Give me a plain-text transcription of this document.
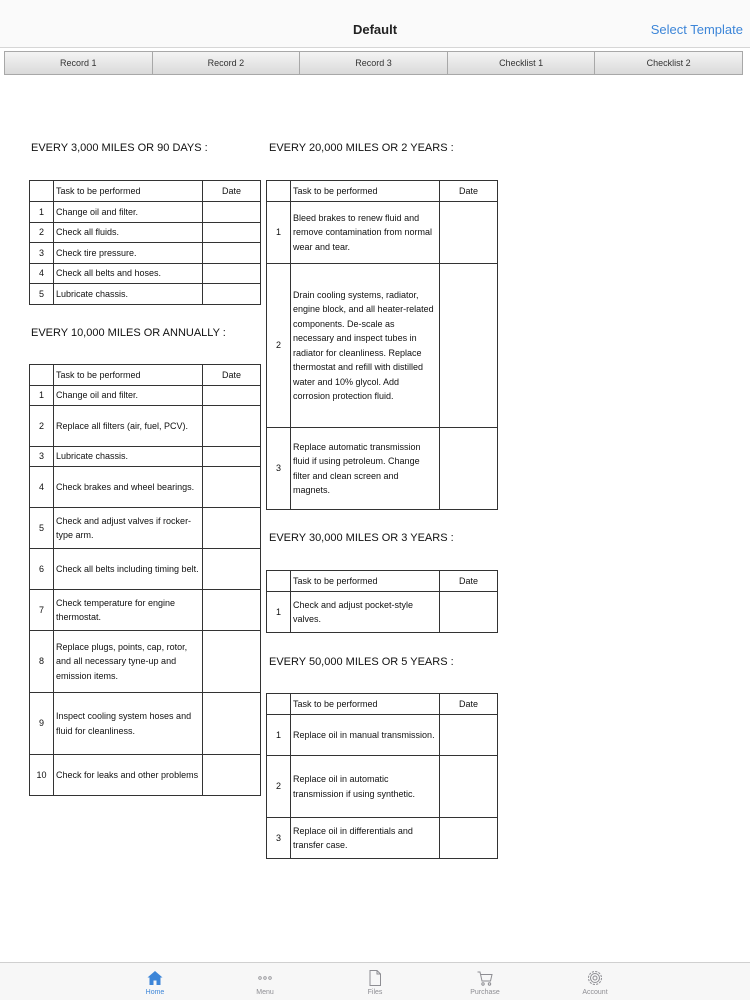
Default	Select Template
Record 1	Record 2	Record 3	Checklist 1	Checklist 2
EVERY 3,000 MILES OR 90 DAYS :
	Task to be performed	Date
1	Change oil and filter.	
2	Check all fluids.	
3	Check tire pressure.	
4	Check all belts and hoses.	
5	Lubricate chassis.	
EVERY 10,000 MILES OR ANNUALLY :
	Task to be performed	Date
1	Change oil and filter.	
2	Replace all filters (air, fuel, PCV).	
3	Lubricate chassis.	
4	Check brakes and wheel bearings.	
5	Check and adjust valves if rocker-type arm.	
6	Check all belts including timing belt.	
7	Check temperature for engine thermostat.	
8	Replace plugs, points, cap, rotor, and all necessary tyne-up and emission items.	
9	Inspect cooling system hoses and fluid for cleanliness.	
10	Check for leaks and other problems	
EVERY 20,000 MILES OR 2 YEARS :
	Task to be performed	Date
1	Bleed brakes to renew fluid and remove contamination from normal wear and tear.	
2	Drain cooling systems, radiator, engine block, and all heater-related components. De-scale as necessary and inspect tubes in radiator for cleanliness. Replace thermostat and refill with distilled water and 10% glycol. Add corrosion protection fluid.	
3	Replace automatic transmission fluid if using petroleum. Change filter and clean screen and magnets.	
EVERY 30,000 MILES OR 3 YEARS :
	Task to be performed	Date
1	Check and adjust pocket-style valves.	
EVERY 50,000 MILES OR 5 YEARS :
	Task to be performed	Date
1	Replace oil in manual transmission.	
2	Replace oil in automatic transmission if using synthetic.	
3	Replace oil in differentials and transfer case.	
Home	Menu	Files	Purchase	Account
